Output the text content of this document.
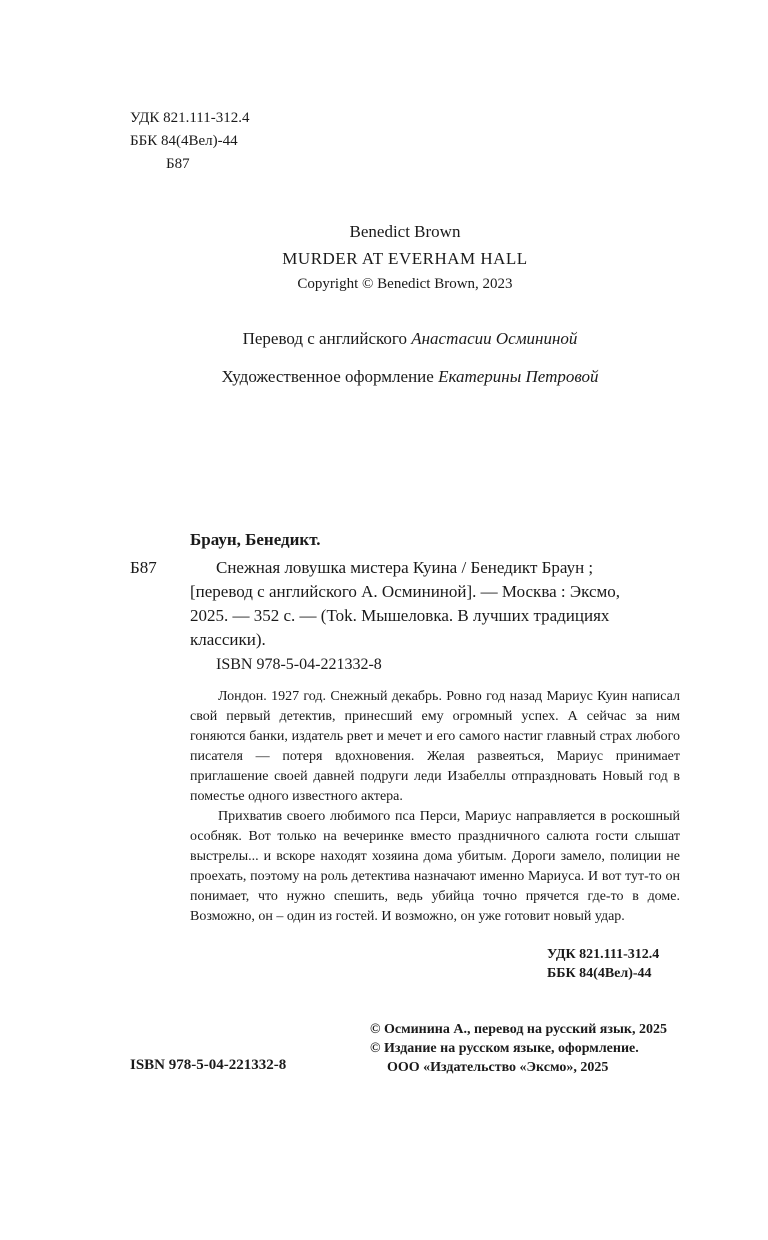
УДК 821.111-312.4
ББК 84(4Вел)-44
Б87
Benedict Brown
MURDER AT EVERHAM HALL
Copyright © Benedict Brown, 2023
Перевод с английского Анастасии Осмининой
Художественное оформление Екатерины Петровой
Браун, Бенедикт.
Б87	Снежная ловушка мистера Куина / Бенедикт Браун ;
[перевод с английского А. Осмининой]. — Москва : Эксмо,
2025. — 352 с. — (Tok. Мышеловка. В лучших традициях
классики).
ISBN 978-5-04-221332-8

Лондон. 1927 год. Снежный декабрь. Ровно год назад Мариус Куин написал свой первый детектив, принесший ему огромный успех. А сейчас за ним гоняются банки, издатель рвет и мечет и его самого настиг главный страх любого писателя — потеря вдохновения. Желая развеяться, Мариус принимает приглашение своей давней подруги леди Изабеллы отпраздновать Новый год в поместье одного известного актера.

Прихватив своего любимого пса Перси, Мариус направляется в роскошный особняк. Вот только на вечеринке вместо праздничного салюта гости слышат выстрелы... и вскоре находят хозяина дома убитым. Дороги замело, полиции не проехать, поэтому на роль детектива назначают именно Мариуса. И вот тут-то он понимает, что нужно спешить, ведь убийца точно прячется где-то в доме. Возможно, он – один из гостей. И возможно, он уже готовит новый удар.

УДК 821.111-312.4
ББК 84(4Вел)-44
© Осминина А., перевод на русский язык, 2025
© Издание на русском языке, оформление.
ООО «Издательство «Эксмо», 2025
ISBN 978-5-04-221332-8
